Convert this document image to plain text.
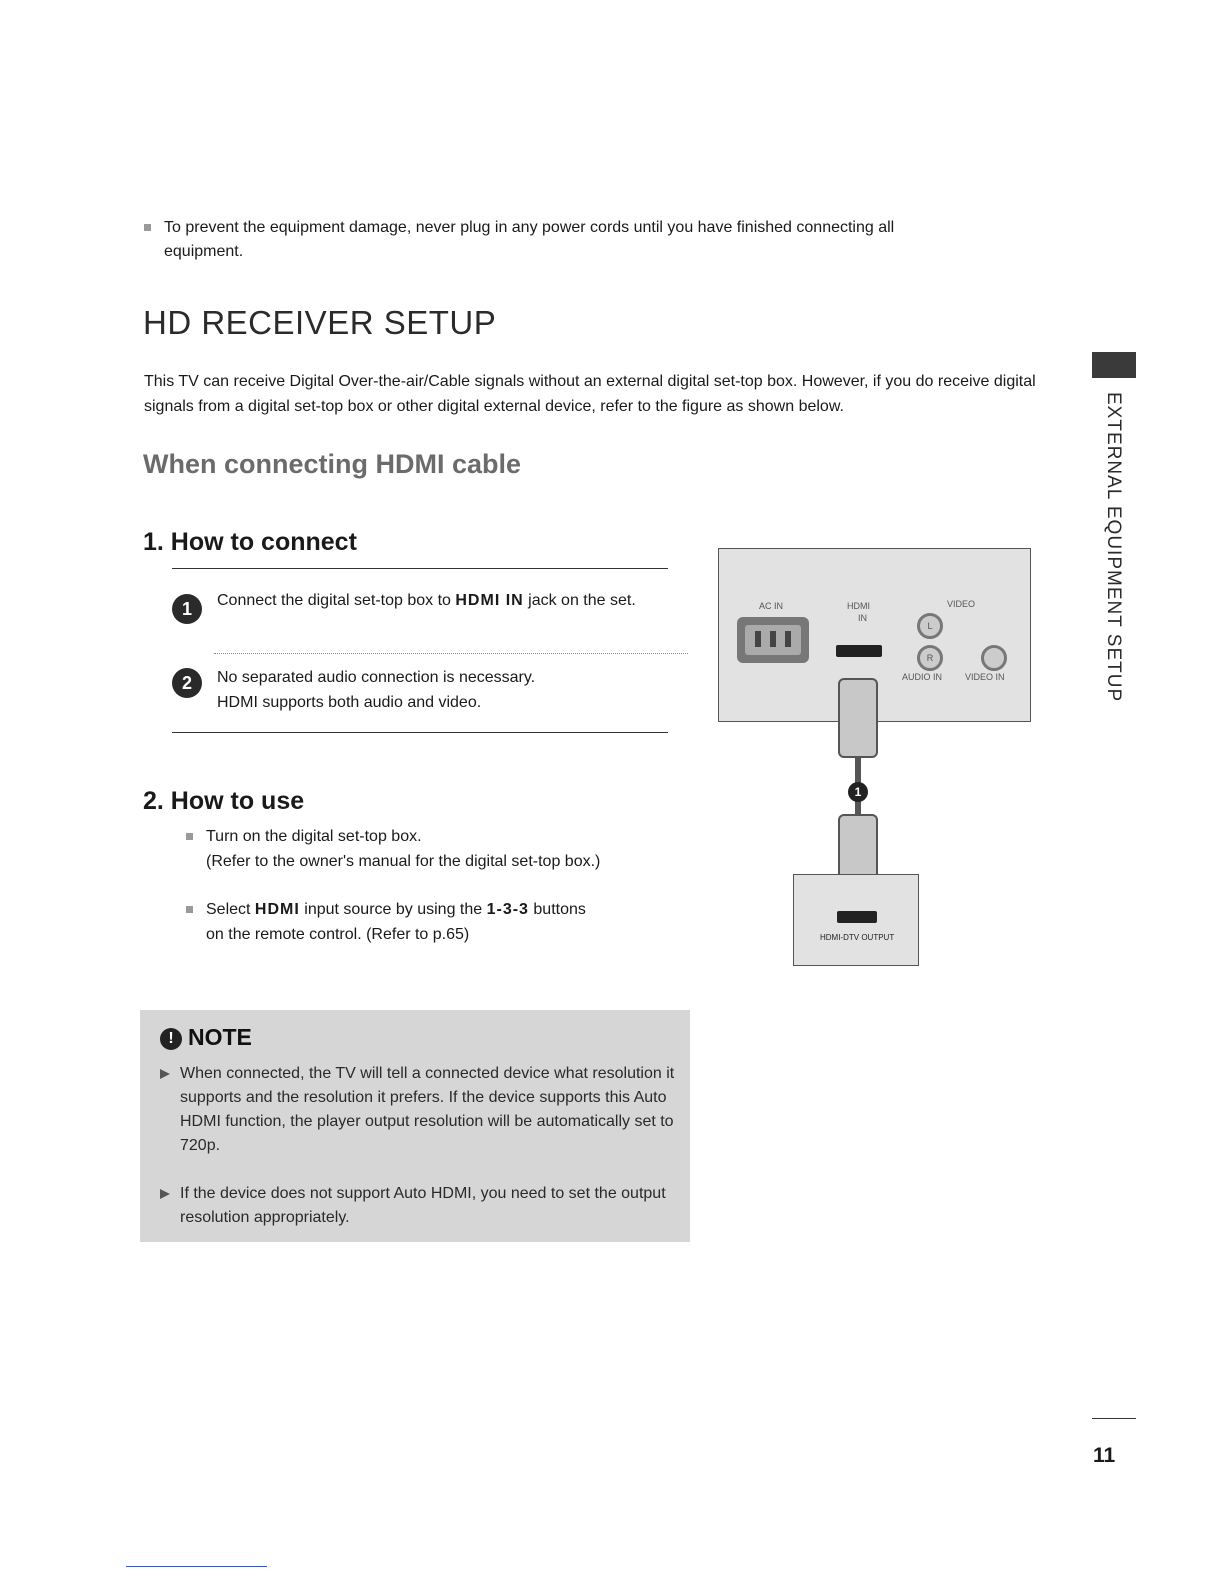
To prevent the equipment damage, never plug in any power cords until you have finished connecting all equipment.
HD RECEIVER SETUP

This TV can receive Digital Over-the-air/Cable signals without an external digital set-top box. However, if you do receive digital signals from a digital set-top box or other digital external device, refer to the figure as shown below.

When connecting HDMI cable
1. How to connect
1	Connect the digital set-top box to HDMI IN jack on the set.
2	No separated audio connection is necessary.
HDMI supports both audio and video.
2. How to use
Turn on the digital set-top box.
(Refer to the owner's manual for the digital set-top box.)
Select HDMI input source by using the 1-3-3 buttons
on the remote control. (Refer to p.65)
AC IN	HDMI
IN
VIDEO
L
R
AUDIO IN	VIDEO IN
1
HDMI-DTV OUTPUT
! NOTE
When connected, the TV will tell a connected device what resolution it supports and the resolution it prefers. If the device supports this Auto HDMI function, the player output resolution will be automatically set to 720p.
If the device does not support Auto HDMI, you need to set the output resolution appropriately.
EXTERNAL EQUIPMENT SETUP
11
